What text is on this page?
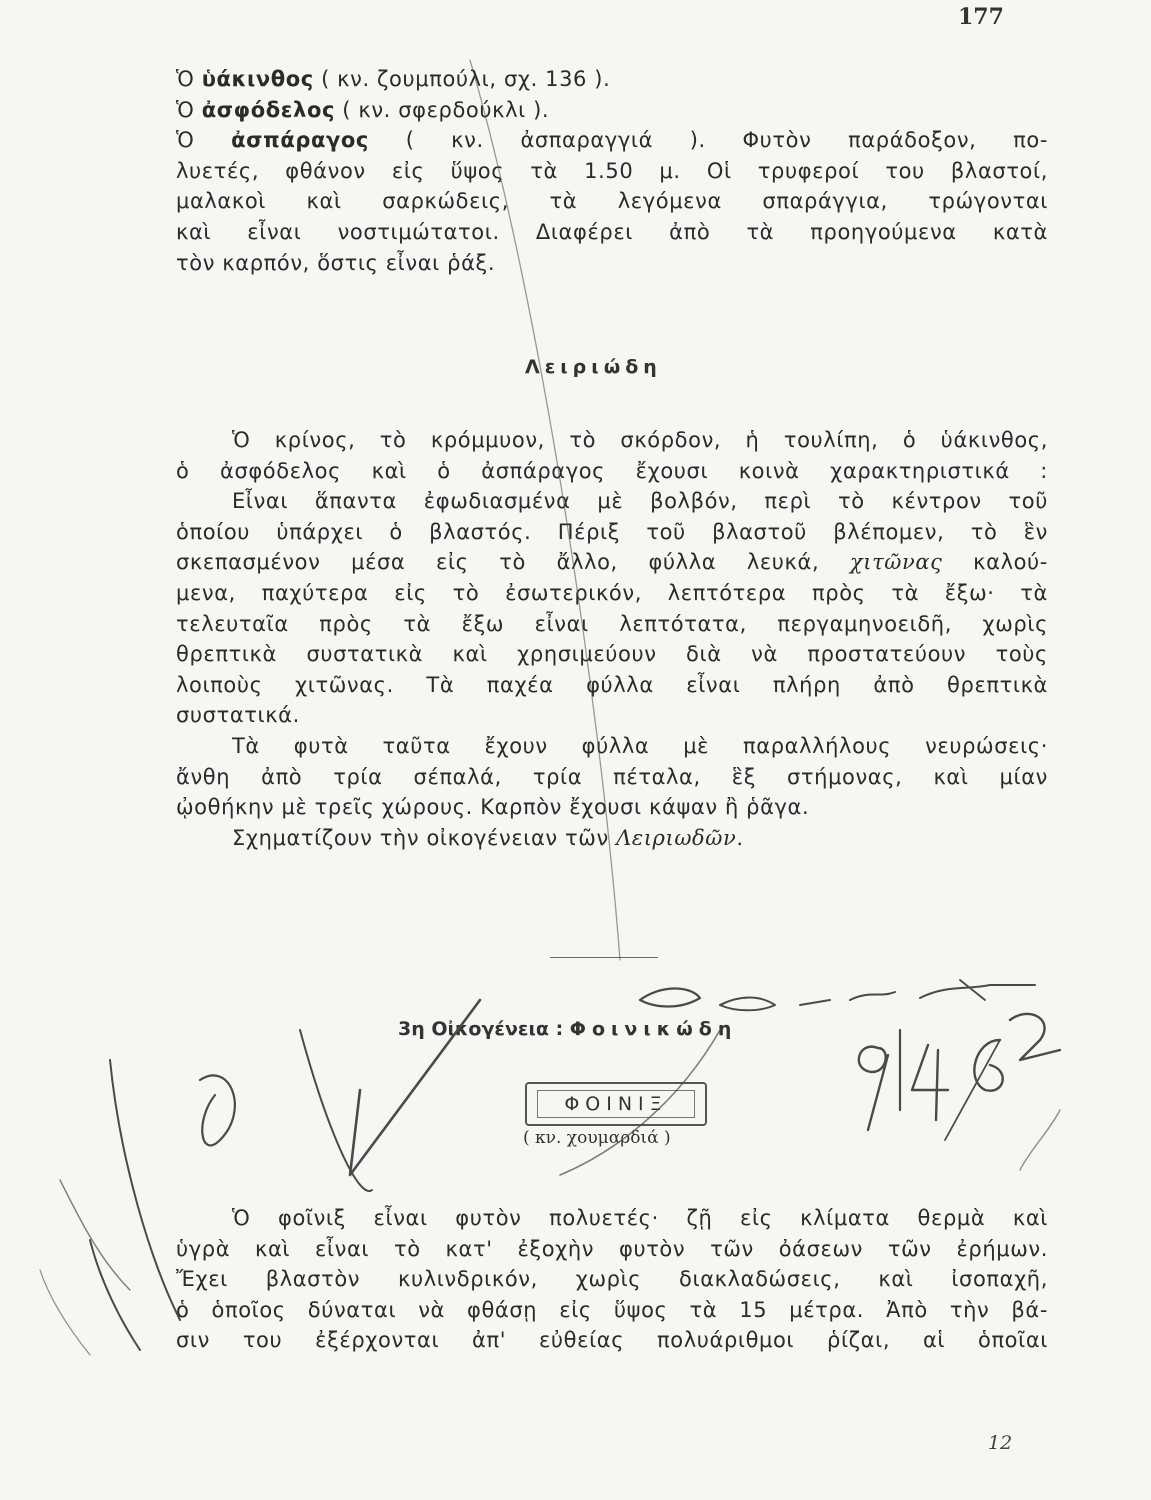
177
Ὁ ὑάκινθος ( κν. ζουμπούλι, σχ. 136 ).
Ὁ ἀσφόδελος ( κν. σφερδούκλι ).
Ὁ ἀσπάραγος ( κν. ἀσπαραγγιά ). Φυτὸν παράδοξον, πο-
λυετές, φθάνον εἰς ὕψος τὰ 1.50 μ. Οἱ τρυφεροί του βλαστοί,
μαλακοὶ καὶ σαρκώδεις, τὰ λεγόμενα σπαράγγια, τρώγονται
καὶ εἶναι νοστιμώτατοι. Διαφέρει ἀπὸ τὰ προηγούμενα κατὰ
τὸν καρπόν, ὅστις εἶναι ῥάξ.
Λειριώδη
Ὁ κρίνος, τὸ κρόμμυον, τὸ σκόρδον, ἡ τουλίπη, ὁ ὑάκινθος,
ὁ ἀσφόδελος καὶ ὁ ἀσπάραγος ἔχουσι κοινὰ χαρακτηριστικά :
Εἶναι ἅπαντα ἐφωδιασμένα μὲ βολβόν, περὶ τὸ κέντρον τοῦ
ὁποίου ὑπάρχει ὁ βλαστός. Πέριξ τοῦ βλαστοῦ βλέπομεν, τὸ ἓν
σκεπασμένον μέσα εἰς τὸ ἄλλο, φύλλα λευκά, χιτῶνας καλού-
μενα, παχύτερα εἰς τὸ ἐσωτερικόν, λεπτότερα πρὸς τὰ ἔξω· τὰ
τελευταῖα πρὸς τὰ ἔξω εἶναι λεπτότατα, περγαμηνοειδῆ, χωρὶς
θρεπτικὰ συστατικὰ καὶ χρησιμεύουν διὰ νὰ προστατεύουν τοὺς
λοιποὺς χιτῶνας. Τὰ παχέα φύλλα εἶναι πλήρη ἀπὸ θρεπτικὰ
συστατικά.
Τὰ φυτὰ ταῦτα ἔχουν φύλλα μὲ παραλλήλους νευρώσεις·
ἄνθη ἀπὸ τρία σέπαλά, τρία πέταλα, ἓξ στήμονας, καὶ μίαν
ᾠοθήκην μὲ τρεῖς χώρους. Καρπὸν ἔχουσι κάψαν ἢ ῥᾶγα.
Σχηματίζουν τὴν οἰκογένειαν τῶν Λειριωδῶν.
3η Οἰκογένεια : Φοινικώδη
ΦΟΙΝΙΞ
( κν. χουμαρδιά )
Ὁ φοῖνιξ εἶναι φυτὸν πολυετές· ζῇ εἰς κλίματα θερμὰ καὶ
ὑγρὰ καὶ εἶναι τὸ κατ' ἐξοχὴν φυτὸν τῶν ὀάσεων τῶν ἐρήμων.
Ἔχει βλαστὸν κυλινδρικόν, χωρὶς διακλαδώσεις, καὶ ἰσοπαχῆ,
ὁ ὁποῖος δύναται νὰ φθάσῃ εἰς ὕψος τὰ 15 μέτρα. Ἀπὸ τὴν βά-
σιν του ἐξέρχονται ἀπ' εὐθείας πολυάριθμοι ῥίζαι, αἱ ὁποῖαι
12
